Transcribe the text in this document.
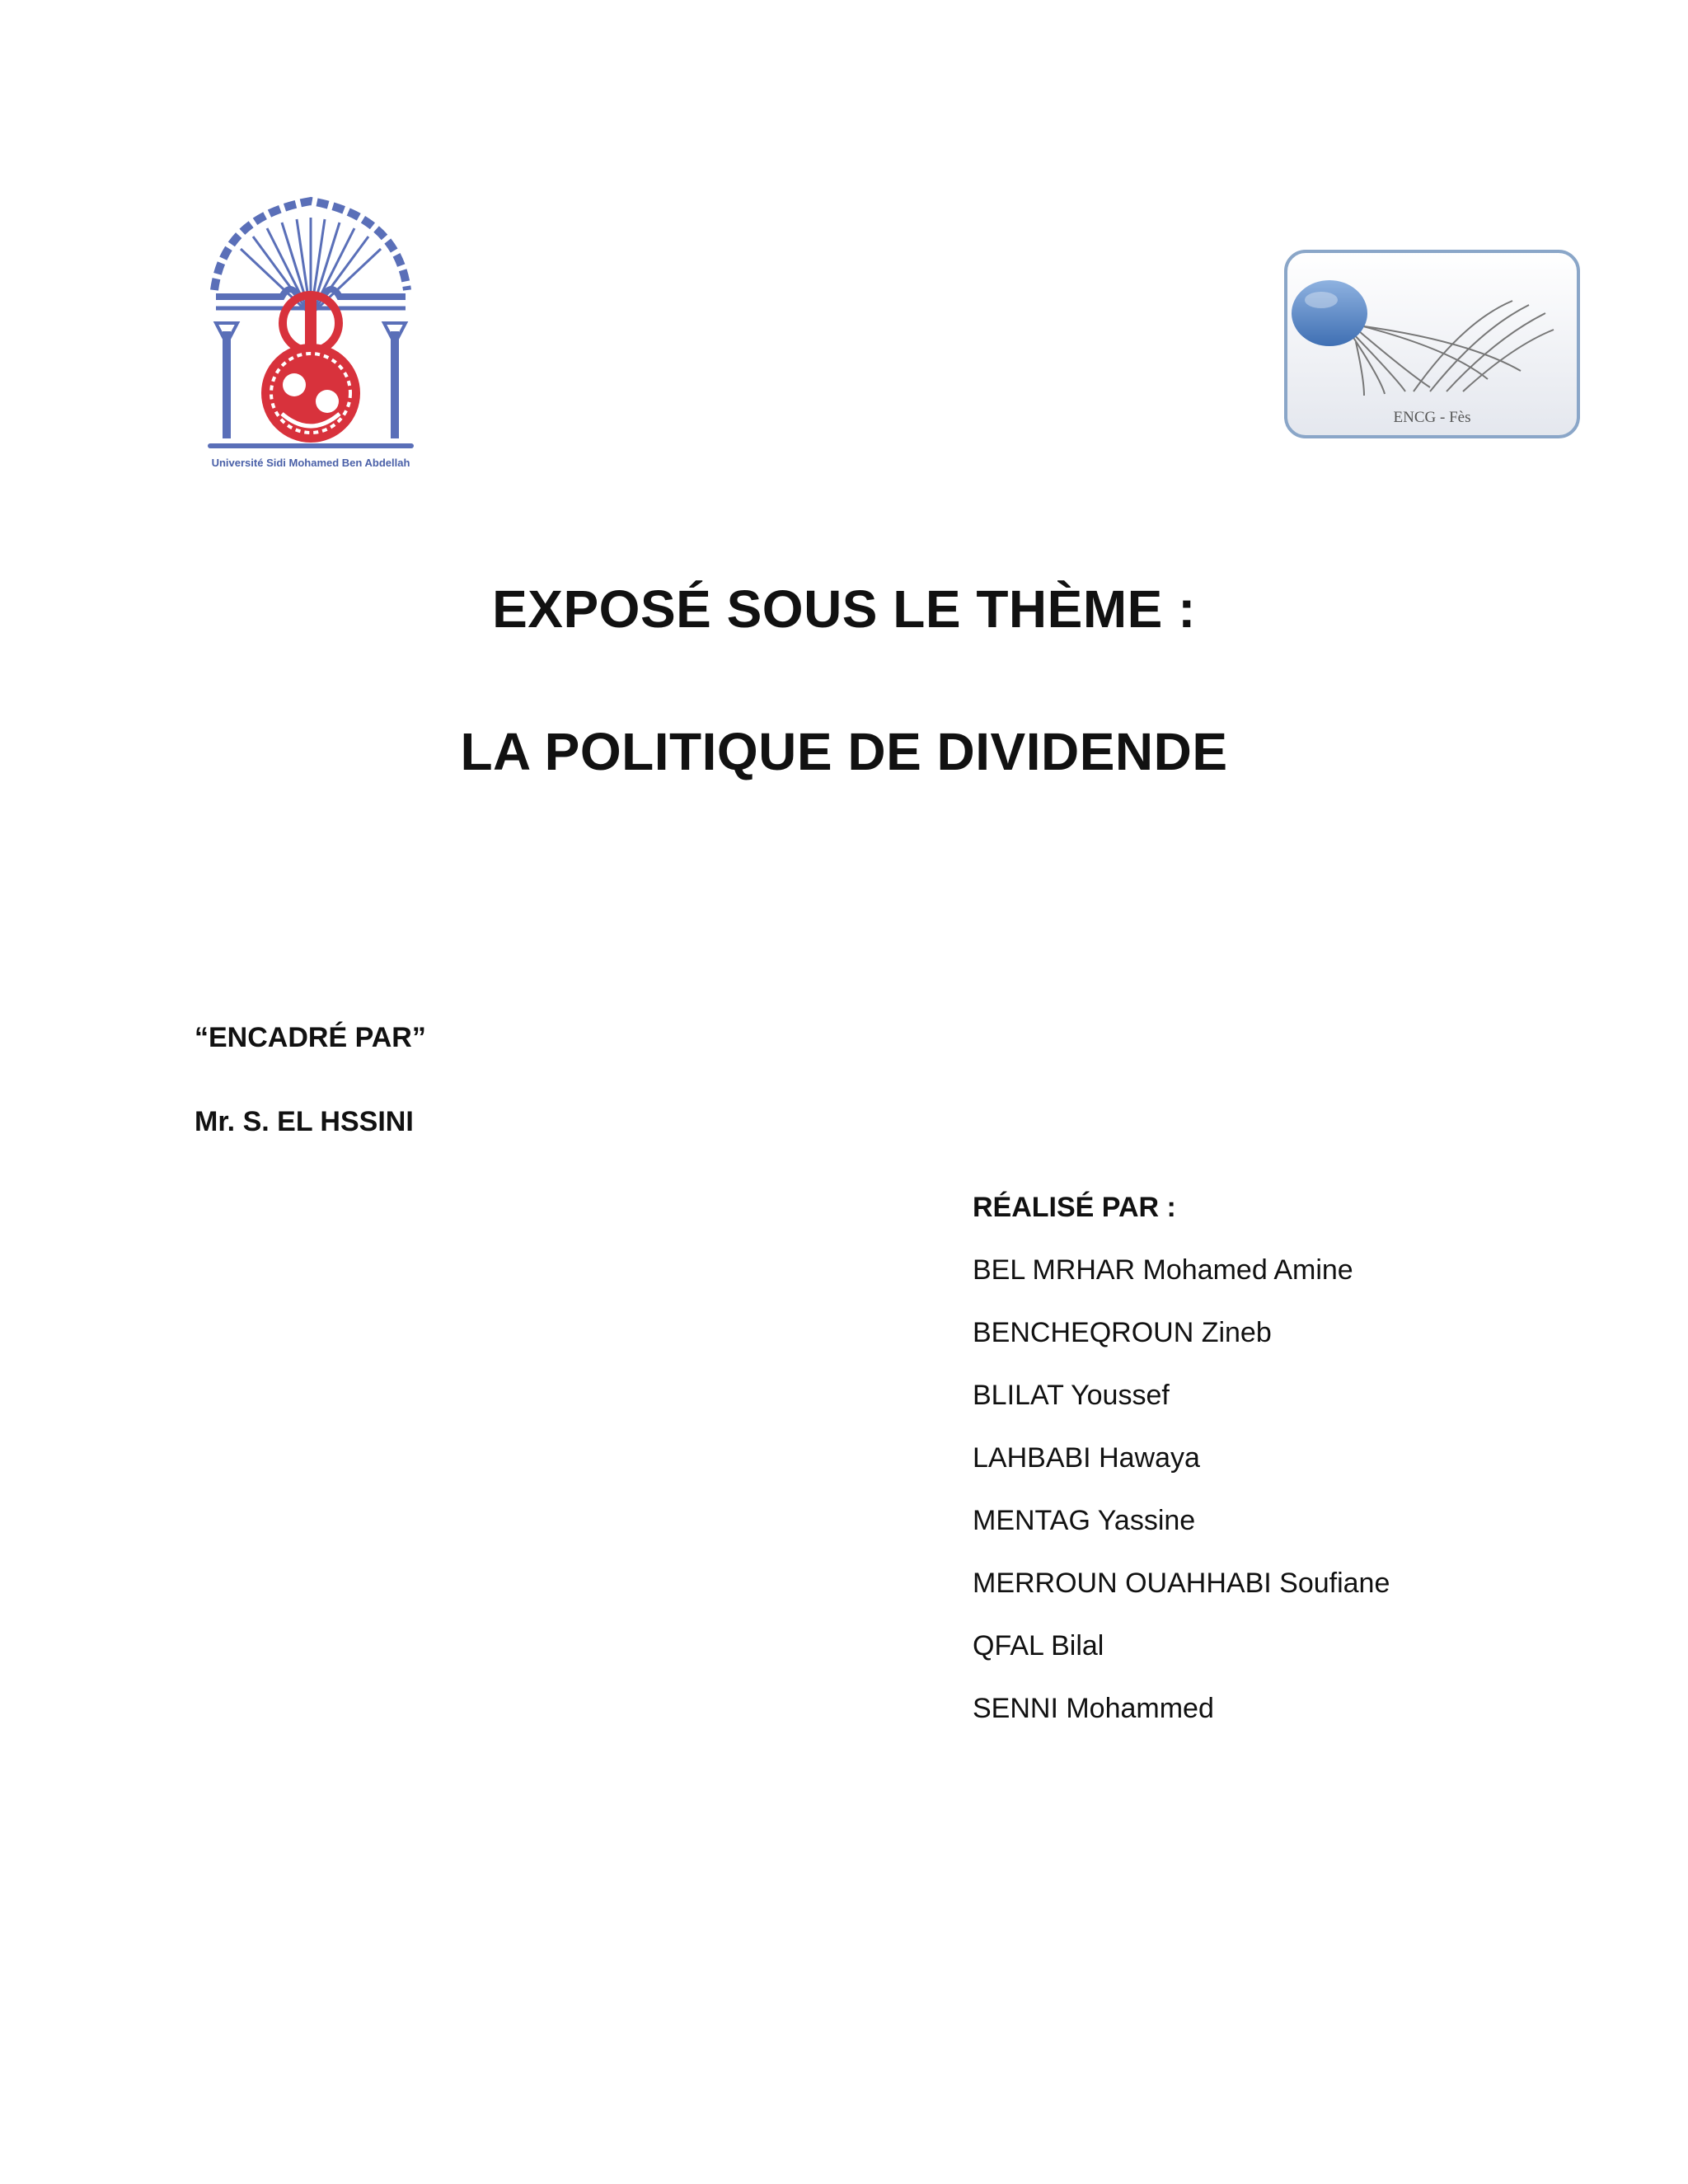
Université Sidi Mohamed Ben Abdellah
ENCG - Fès
EXPOSÉ SOUS LE THÈME :
LA POLITIQUE DE DIVIDENDE
“ENCADRÉ PAR”
Mr. S. EL HSSINI
RÉALISÉ PAR :
BEL MRHAR Mohamed Amine
BENCHEQROUN Zineb
BLILAT Youssef
LAHBABI Hawaya
MENTAG Yassine
MERROUN OUAHHABI Soufiane
QFAL Bilal
SENNI Mohammed
